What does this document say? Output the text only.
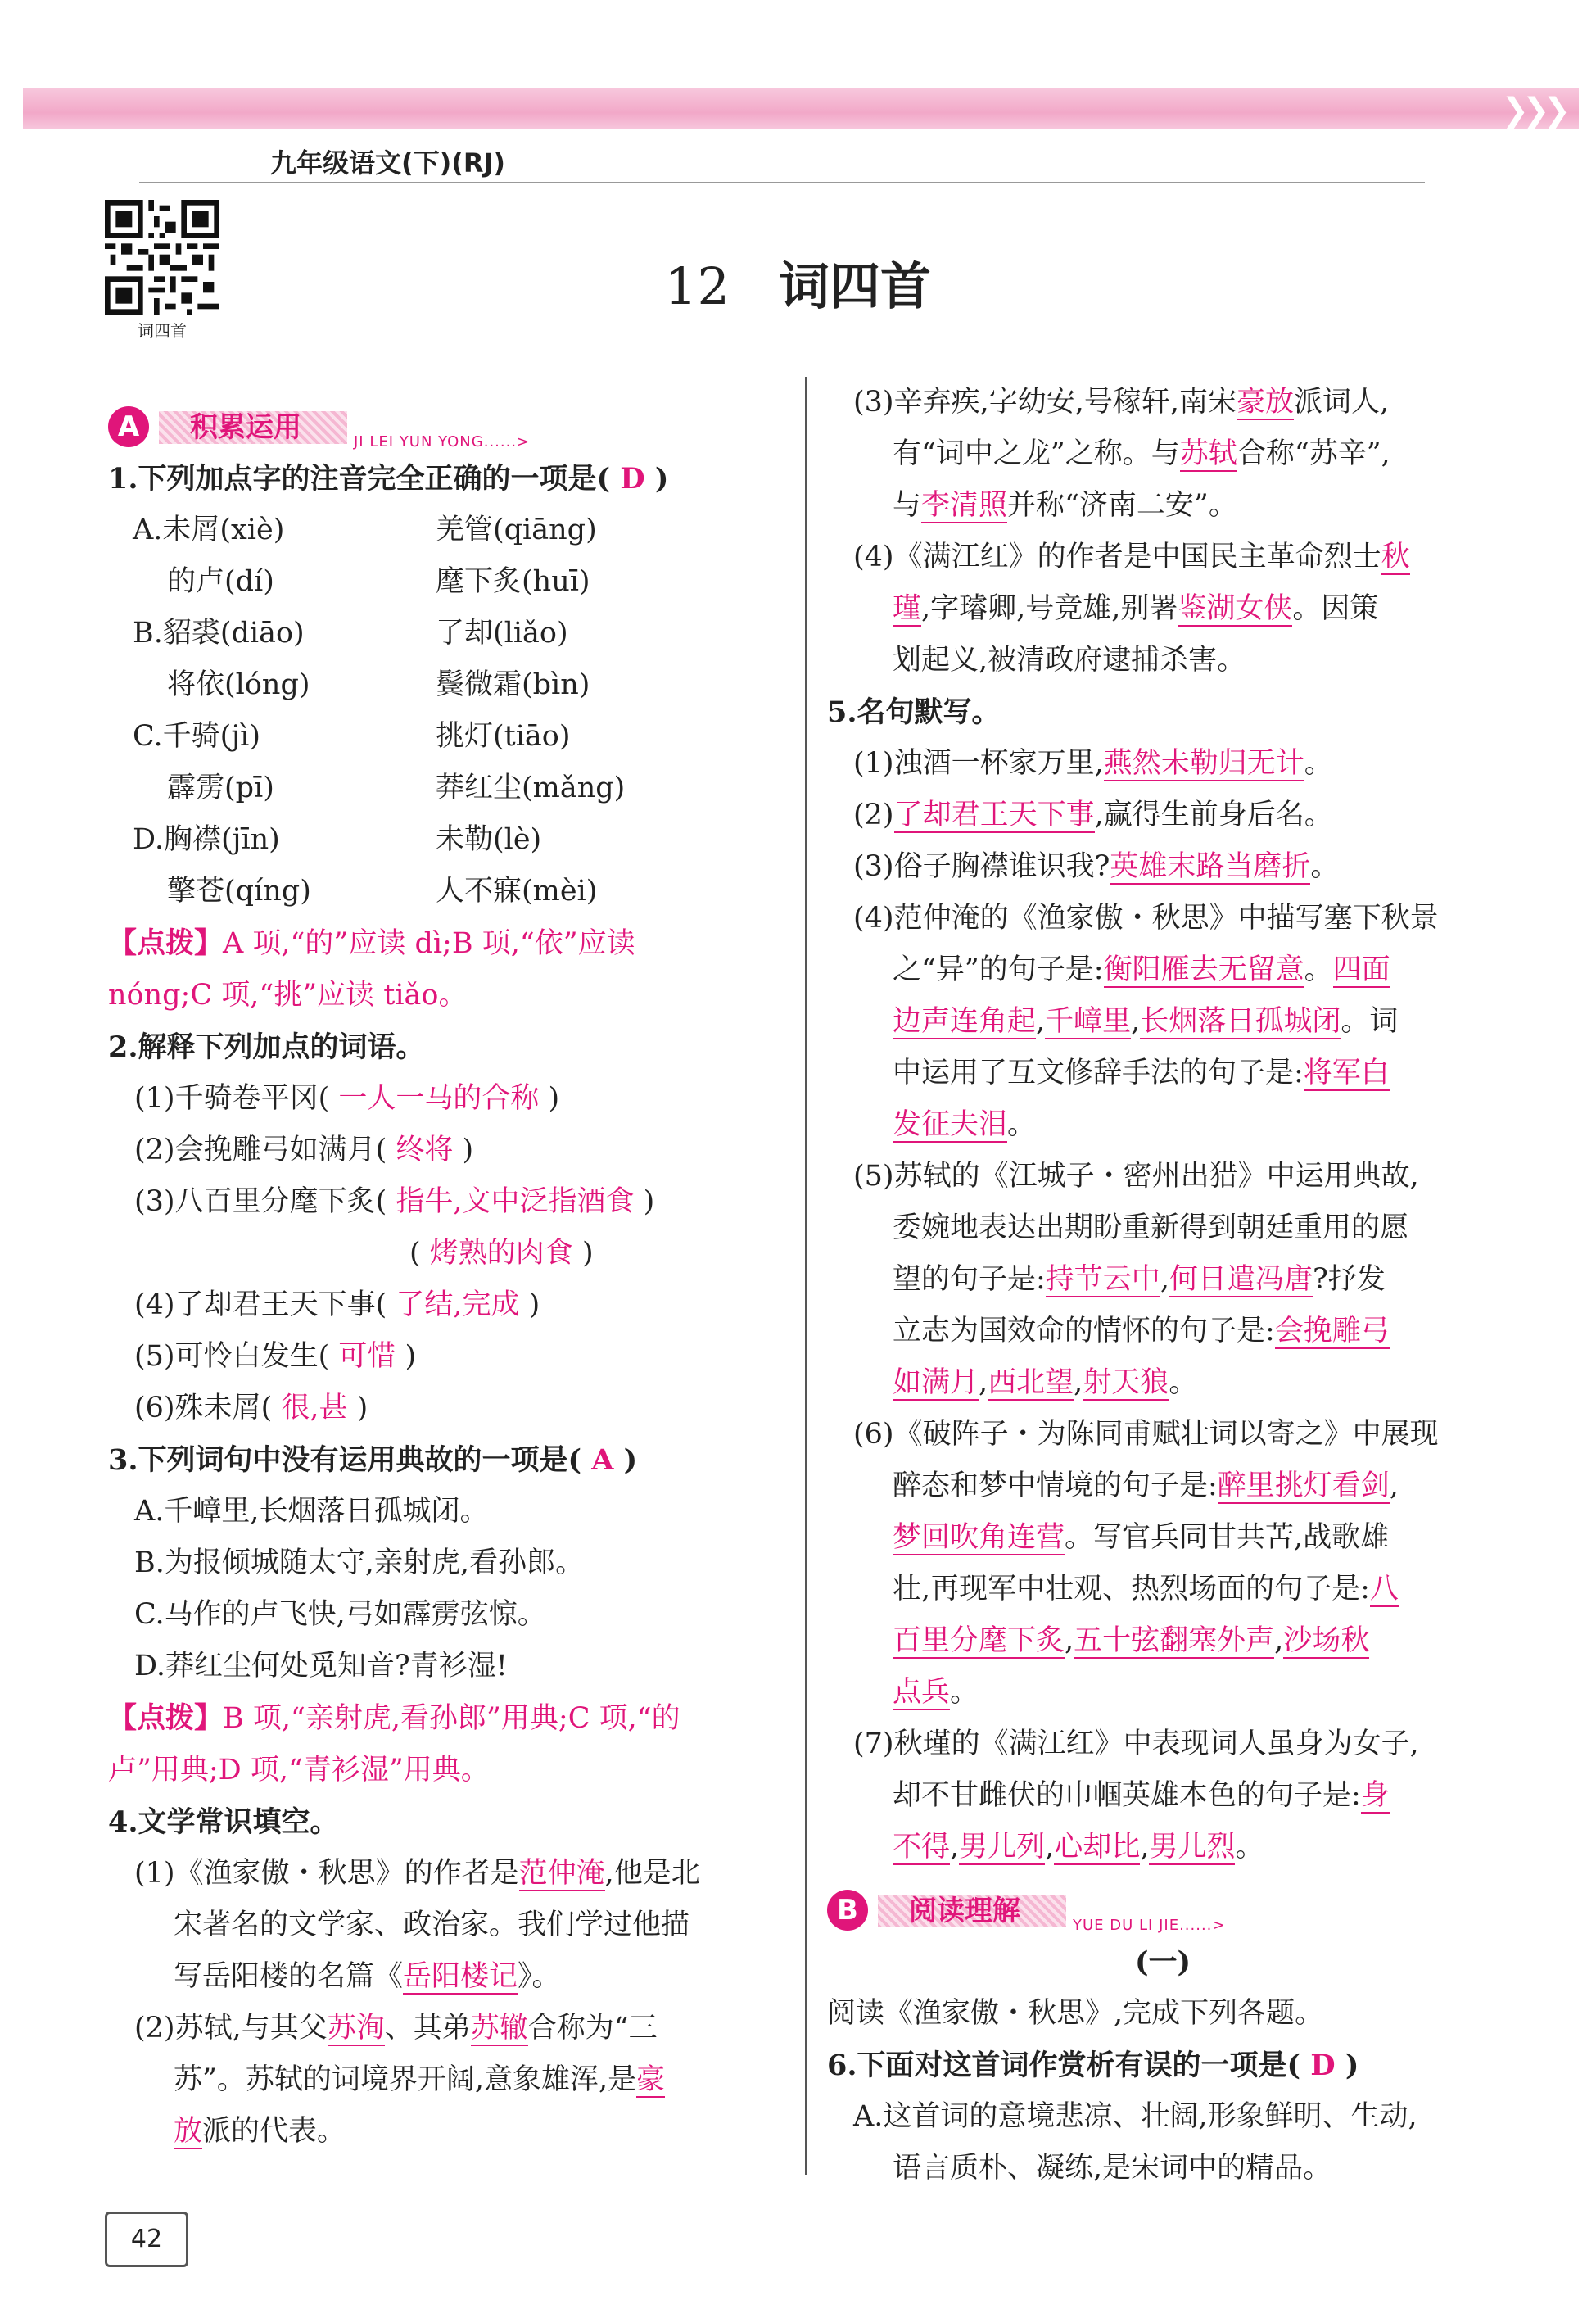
❯❯❯
九年级语文(下)(RJ)
词四首
12 词四首
A	积累运用	JI LEI YUN YONG......>
1.下列加点字的注音完全正确的一项是( D )
A.未屑(xiè)	羌管(qiāng)
的卢(dí)	麾下炙(huī)
B.貂裘(diāo)	了却(liǎo)
将依(lóng)	鬓微霜(bìn)
C.千骑(jì)	挑灯(tiāo)
霹雳(pī)	莽红尘(mǎng)
D.胸襟(jīn)	未勒(lè)
擎苍(qíng)	人不寐(mèi)
【点拨】A 项,“的”应读 dì;B 项,“依”应读
nóng;C 项,“挑”应读 tiǎo。
2.解释下列加点的词语。
(1)千骑卷平冈( 一人一马的合称 )
(2)会挽雕弓如满月( 终将 )
(3)八百里分麾下炙( 指牛,文中泛指酒食 )
( 烤熟的肉食 )
(4)了却君王天下事( 了结,完成 )
(5)可怜白发生( 可惜 )
(6)殊未屑( 很,甚 )
3.下列词句中没有运用典故的一项是( A )
A.千嶂里,长烟落日孤城闭。
B.为报倾城随太守,亲射虎,看孙郎。
C.马作的卢飞快,弓如霹雳弦惊。
D.莽红尘何处觅知音?青衫湿!
【点拨】B 项,“亲射虎,看孙郎”用典;C 项,“的
卢”用典;D 项,“青衫湿”用典。
4.文学常识填空。
(1)《渔家傲・秋思》的作者是范仲淹,他是北
宋著名的文学家、政治家。我们学过他描
写岳阳楼的名篇《岳阳楼记》。
(2)苏轼,与其父苏洵、其弟苏辙合称为“三
苏”。苏轼的词境界开阔,意象雄浑,是豪
放派的代表。
(3)辛弃疾,字幼安,号稼轩,南宋豪放派词人,
有“词中之龙”之称。与苏轼合称“苏辛”,
与李清照并称“济南二安”。
(4)《满江红》的作者是中国民主革命烈士秋
瑾,字璿卿,号竞雄,别署鉴湖女侠。因策
划起义,被清政府逮捕杀害。
5.名句默写。
(1)浊酒一杯家万里,燕然未勒归无计。
(2)了却君王天下事,赢得生前身后名。
(3)俗子胸襟谁识我?英雄末路当磨折。
(4)范仲淹的《渔家傲・秋思》中描写塞下秋景
之“异”的句子是:衡阳雁去无留意。四面
边声连角起,千嶂里,长烟落日孤城闭。词
中运用了互文修辞手法的句子是:将军白
发征夫泪。
(5)苏轼的《江城子・密州出猎》中运用典故,
委婉地表达出期盼重新得到朝廷重用的愿
望的句子是:持节云中,何日遣冯唐?抒发
立志为国效命的情怀的句子是:会挽雕弓
如满月,西北望,射天狼。
(6)《破阵子・为陈同甫赋壮词以寄之》中展现
醉态和梦中情境的句子是:醉里挑灯看剑,
梦回吹角连营。写官兵同甘共苦,战歌雄
壮,再现军中壮观、热烈场面的句子是:八
百里分麾下炙,五十弦翻塞外声,沙场秋
点兵。
(7)秋瑾的《满江红》中表现词人虽身为女子,
却不甘雌伏的巾帼英雄本色的句子是:身
不得,男儿列,心却比,男儿烈。
B	阅读理解	YUE DU LI JIE......>
(一)
阅读《渔家傲・秋思》,完成下列各题。
6.下面对这首词作赏析有误的一项是( D )
A.这首词的意境悲凉、壮阔,形象鲜明、生动,
语言质朴、凝练,是宋词中的精品。
42
